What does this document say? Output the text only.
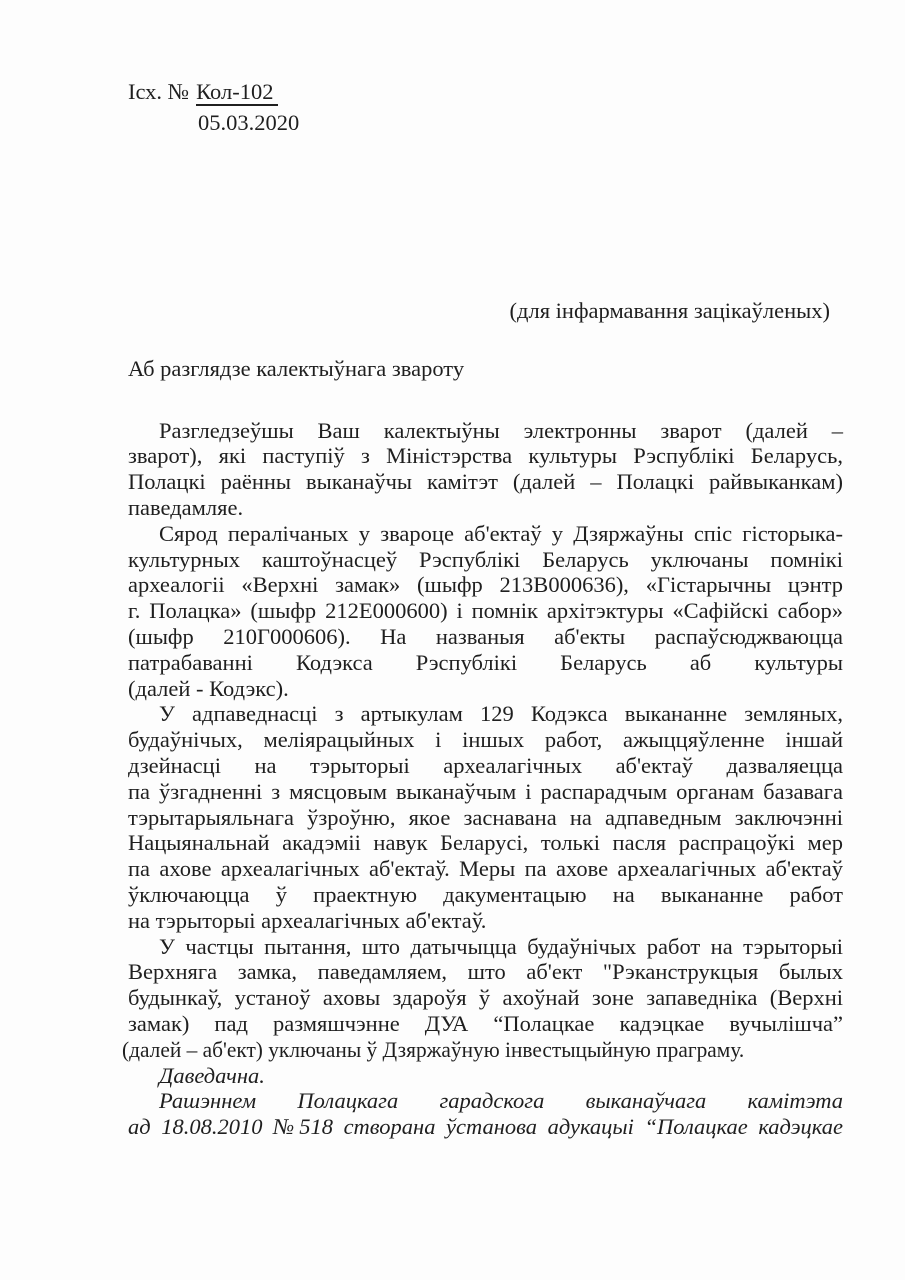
Ісх. № Кол-102
05.03.2020
(для інфармавання зацікаўленых)
Аб разглядзе калектыўнага звароту
Разгледзеўшы Ваш калектыўны электронны зварот (далей –
зварот), які паступіў з Міністэрства культуры Рэспублікі Беларусь,
Полацкі раённы выканаўчы камітэт (далей – Полацкі райвыканкам)
паведамляе.
Сярод пералічаных у звароце аб'ектаў у Дзяржаўны спіс гісторыка-
культурных каштоўнасцеў Рэспублікі Беларусь уключаны помнікі
археалогіі «Верхні замак» (шыфр 213В000636), «Гістарычны цэнтр
г. Полацка» (шыфр 212Е000600) і помнік архітэктуры «Сафійскі сабор»
(шыфр 210Г000606). На названыя аб'екты распаўсюджваюцца
патрабаванні Кодэкса Рэспублікі Беларусь аб культуры
(далей - Кодэкс).
У адпаведнасці з артыкулам 129 Кодэкса выкананне земляных,
будаўнічых, меліярацыйных і іншых работ, ажыццяўленне іншай
дзейнасці на тэрыторыі археалагічных аб'ектаў дазваляецца
па ўзгадненні з мясцовым выканаўчым і распарадчым органам базавага
тэрытарыяльнага ўзроўню, якое заснавана на адпаведным заключэнні
Нацыянальнай акадэміі навук Беларусі, толькі пасля распрацоўкі мер
па ахове археалагічных аб'ектаў. Меры па ахове археалагічных аб'ектаў
ўключаюцца ў праектную дакументацыю на выкананне работ
на тэрыторыі археалагічных аб'ектаў.
У частцы пытання, што датычыцца будаўнічых работ на тэрыторыі
Верхняга замка, паведамляем, што аб'ект "Рэканструкцыя былых
будынкаў, устаноў аховы здароўя ў ахоўнай зоне запаведніка (Верхні
замак) пад размяшчэнне ДУА “Полацкае кадэцкае вучылішча”
(далей – аб'ект) уключаны ў Дзяржаўную інвестыцыйную праграму.
Даведачна.
Рашэннем Полацкага гарадскога выканаўчага камітэта
ад 18.08.2010 №518 створана ўстанова адукацыі “Полацкае кадэцкае
